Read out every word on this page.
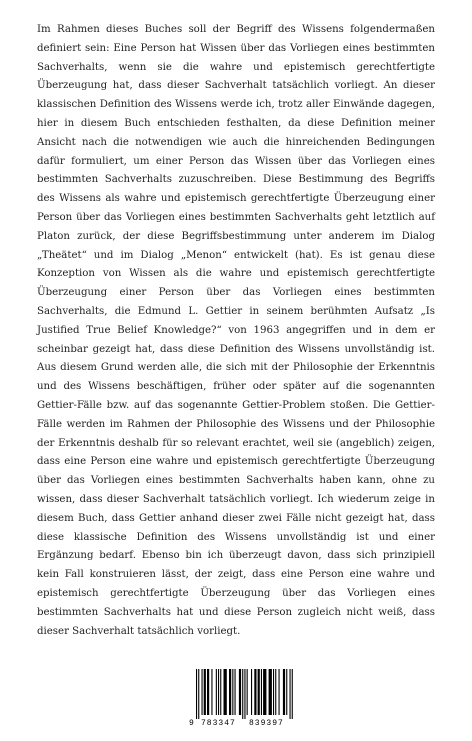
Im Rahmen dieses Buches soll der Begriff des Wissens folgendermaßen definiert sein: Eine Person hat Wissen über das Vorliegen eines bestimmten Sachverhalts, wenn sie die wahre und epistemisch gerechtfertigte Überzeugung hat, dass dieser Sachverhalt tatsächlich vorliegt. An dieser klassischen Definition des Wissens werde ich, trotz aller Einwände dagegen, hier in diesem Buch entschieden festhalten, da diese Definition meiner Ansicht nach die notwendigen wie auch die hinreichenden Bedingungen dafür formuliert, um einer Person das Wissen über das Vorliegen eines bestimmten Sachverhalts zuzuschreiben. Diese Bestimmung des Begriffs des Wissens als wahre und epistemisch gerechtfertigte Überzeugung einer Person über das Vorliegen eines bestimmten Sachverhalts geht letztlich auf Platon zurück, der diese Begriffsbestimmung unter anderem im Dialog „Theätet“ und im Dialog „Menon“ entwickelt (hat). Es ist genau diese Konzeption von Wissen als die wahre und epistemisch gerechtfertigte Überzeugung einer Person über das Vorliegen eines bestimmten Sachverhalts, die Edmund L. Gettier in seinem berühmten Aufsatz „Is Justified True Belief Knowledge?“ von 1963 angegriffen und in dem er scheinbar gezeigt hat, dass diese Definition des Wissens unvollständig ist. Aus diesem Grund werden alle, die sich mit der Philosophie der Erkenntnis und des Wissens beschäftigen, früher oder später auf die sogenannten Gettier-Fälle bzw. auf das sogenannte Gettier-Problem stoßen. Die Gettier-Fälle werden im Rahmen der Philosophie des Wissens und der Philosophie der Erkenntnis deshalb für so relevant erachtet, weil sie (angeblich) zeigen, dass eine Person eine wahre und epistemisch gerechtfertigte Überzeugung über das Vorliegen eines bestimmten Sachverhalts haben kann, ohne zu wissen, dass dieser Sachverhalt tatsächlich vorliegt. Ich wiederum zeige in diesem Buch, dass Gettier anhand dieser zwei Fälle nicht gezeigt hat, dass diese klassische Definition des Wissens unvollständig ist und einer Ergänzung bedarf. Ebenso bin ich überzeugt davon, dass sich prinzipiell kein Fall konstruieren lässt, der zeigt, dass eine Person eine wahre und epistemisch gerechtfertigte Überzeugung über das Vorliegen eines bestimmten Sachverhalts hat und diese Person zugleich nicht weiß, dass dieser Sachverhalt tatsächlich vorliegt.

9 783347 839397
